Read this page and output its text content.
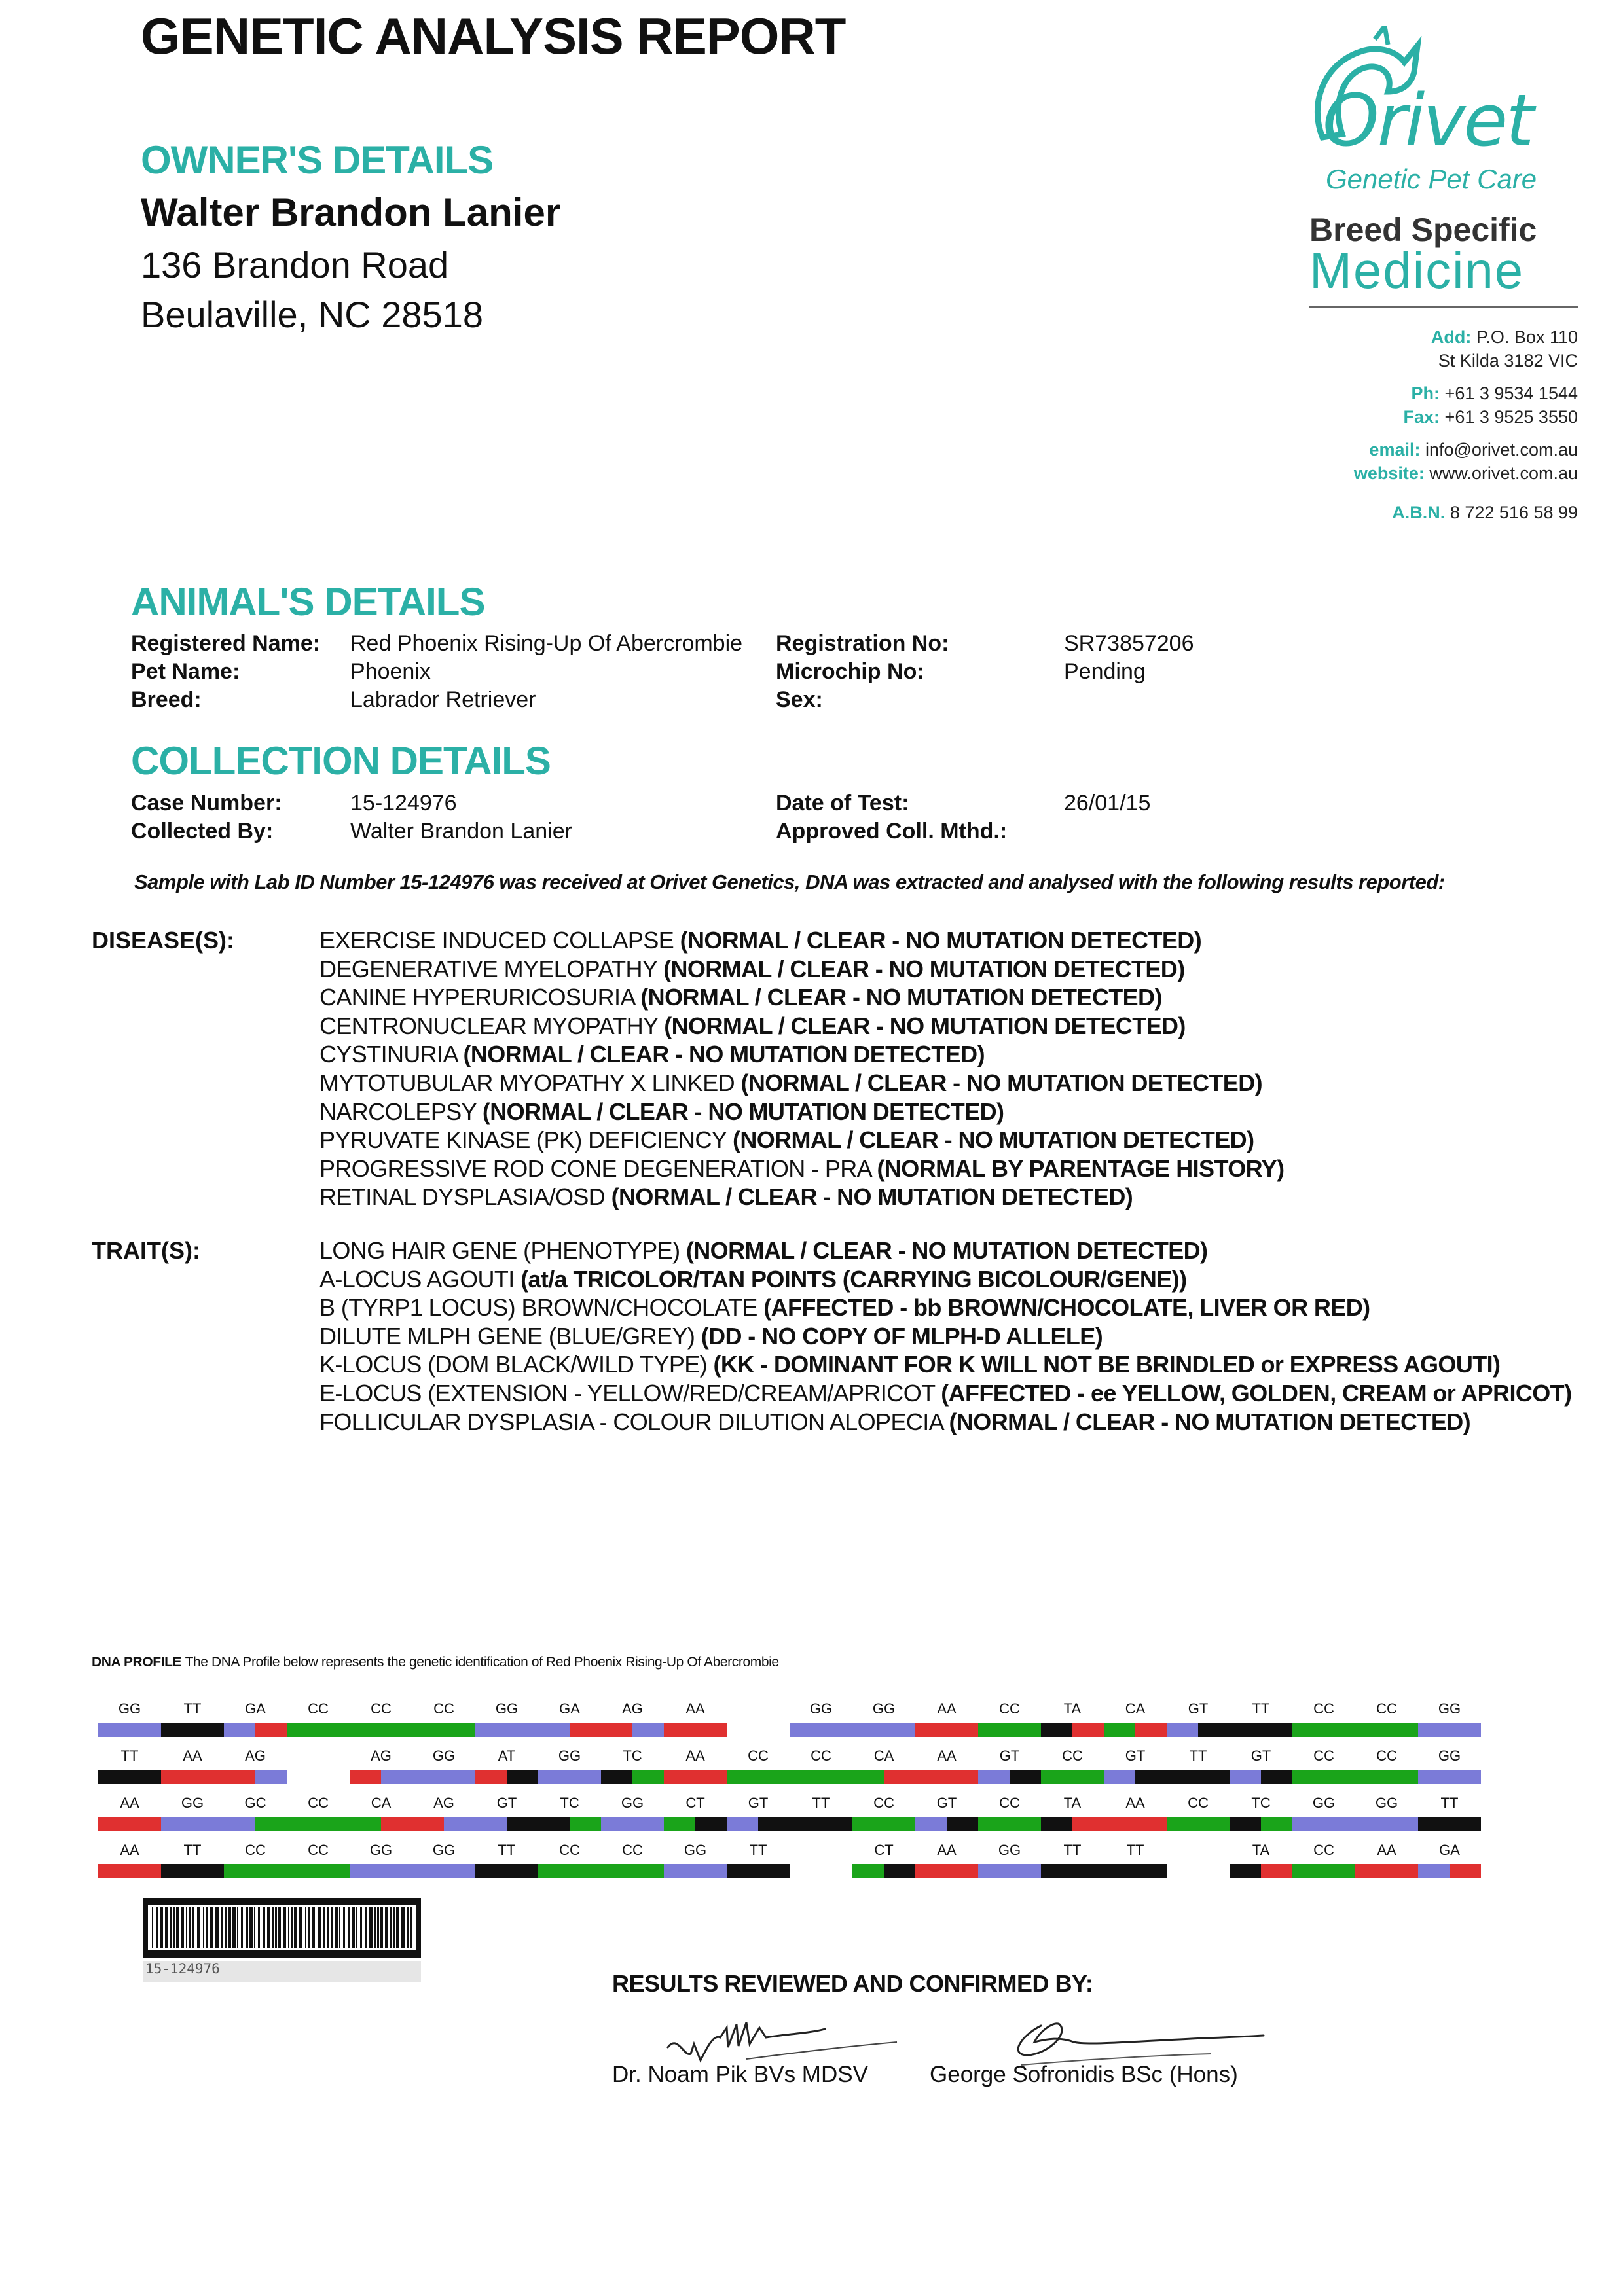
GENETIC ANALYSIS REPORT
OWNER'S DETAILS
Walter Brandon Lanier
136 Brandon Road
Beulaville, NC 28518
Orivet
Genetic Pet Care
Breed Specific
Medicine
Add: P.O. Box 110
St Kilda 3182 VIC
Ph: +61 3 9534 1544
Fax: +61 3 9525 3550
email: info@orivet.com.au
website: www.orivet.com.au
A.B.N. 8 722 516 58 99
ANIMAL'S DETAILS
Registered Name: Red Phoenix Rising-Up Of Abercrombie
Pet Name:	Phoenix
Breed:	Labrador Retriever
Registration No:	SR73857206
Microchip No:	Pending
Sex:
COLLECTION DETAILS
Case Number:	15-124976
Collected By:	Walter Brandon Lanier
Date of Test:	26/01/15
Approved Coll. Mthd.:
Sample with Lab ID Number 15-124976 was received at Orivet Genetics, DNA was extracted and analysed with the following results reported:
DISEASE(S):	EXERCISE INDUCED COLLAPSE (NORMAL / CLEAR - NO MUTATION DETECTED)
DEGENERATIVE MYELOPATHY (NORMAL / CLEAR - NO MUTATION DETECTED)
CANINE HYPERURICOSURIA (NORMAL / CLEAR - NO MUTATION DETECTED)
CENTRONUCLEAR MYOPATHY (NORMAL / CLEAR - NO MUTATION DETECTED)
CYSTINURIA (NORMAL / CLEAR - NO MUTATION DETECTED)
MYTOTUBULAR MYOPATHY X LINKED (NORMAL / CLEAR - NO MUTATION DETECTED)
NARCOLEPSY (NORMAL / CLEAR - NO MUTATION DETECTED)
PYRUVATE KINASE (PK) DEFICIENCY (NORMAL / CLEAR - NO MUTATION DETECTED)
PROGRESSIVE ROD CONE DEGENERATION - PRA (NORMAL BY PARENTAGE HISTORY)
RETINAL DYSPLASIA/OSD (NORMAL / CLEAR - NO MUTATION DETECTED)
TRAIT(S):	LONG HAIR GENE (PHENOTYPE) (NORMAL / CLEAR - NO MUTATION DETECTED)
A-LOCUS AGOUTI (at/a TRICOLOR/TAN POINTS (CARRYING BICOLOUR/GENE))
B (TYRP1 LOCUS) BROWN/CHOCOLATE (AFFECTED - bb BROWN/CHOCOLATE, LIVER OR RED)
DILUTE MLPH GENE (BLUE/GREY) (DD - NO COPY OF MLPH-D ALLELE)
K-LOCUS (DOM BLACK/WILD TYPE) (KK - DOMINANT FOR K WILL NOT BE BRINDLED or EXPRESS AGOUTI)
E-LOCUS (EXTENSION - YELLOW/RED/CREAM/APRICOT (AFFECTED - ee YELLOW, GOLDEN, CREAM or APRICOT)
FOLLICULAR DYSPLASIA - COLOUR DILUTION ALOPECIA (NORMAL / CLEAR - NO MUTATION DETECTED)
DNA PROFILE The DNA Profile below represents the genetic identification of Red Phoenix Rising-Up Of Abercrombie
GG	TT	GA	CC	CC	CC	GG	GA	AG	AA	GG	GG	AA	CC	TA	CA	GT	TT	CC	CC	GG
TT	AA	AG	AG	GG	AT	GG	TC	AA	CC	CC	CA	AA	GT	CC	GT	TT	GT	CC	CC	GG
AA	GG	GC	CC	CA	AG	GT	TC	GG	CT	GT	TT	CC	GT	CC	TA	AA	CC	TC	GG	GG	TT
AA	TT	CC	CC	GG	GG	TT	CC	CC	GG	TT	CT	AA	GG	TT	TT	TA	CC	AA	GA
15-124976
RESULTS REVIEWED AND CONFIRMED BY:
Dr. Noam Pik BVs MDSV	George Sofronidis BSc (Hons)
